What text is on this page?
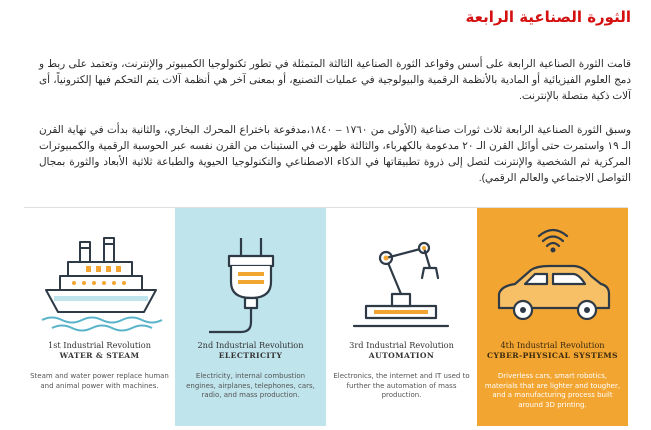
الثورة الصناعية الرابعة
قامت الثورة الصناعية الرابعة على أسس وقواعد الثورة الصناعية الثالثة المتمثلة في تطور تكنولوجيا الكمبيوتر والإنترنت، وتعتمد على ربط و دمج العلوم الفيزيائية أو المادية بالأنظمة الرقمية والبيولوجية في عمليات التصنيع، أو بمعنى آخر هي أنظمة آلات يتم التحكم فيها إلكترونياً، أى آلات ذكية متصلة بالإنترنت.
وسبق الثورة الصناعية الرابعة ثلاث ثورات صناعية (الأولى من ١٧٦٠ – ١٨٤٠،مدفوعة باختراع المحرك البخاري، والثانية بدأت في نهاية القرن الـ ١٩ واستمرت حتى أوائل القرن الـ ٢٠ مدعومة بالكهرباء، والثالثة ظهرت في الستينات من القرن نفسه عبر الحوسبة الرقمية والكمبيوترات المركزية ثم الشخصية والإنترنت لتصل إلى ذروة تطبيقاتها في الذكاء الاصطناعي والتكنولوجيا الحيوية والطباعة ثلاثية الأبعاد والثورة بمجال التواصل الاجتماعي والعالم الرقمي).
1st Industrial Revolution
WATER & STEAM
Steam and water power replace human and animal power with machines.
2nd Industrial Revolution
ELECTRICITY
Electricity, internal combustion engines, airplanes, telephones, cars, radio, and mass production.
3rd Industrial Revolution
AUTOMATION
Electronics, the internet and IT used to further the automation of mass production.
4th Industrial Revolution
CYBER-PHYSICAL SYSTEMS
Driverless cars, smart robotics, materials that are lighter and tougher, and a manufacturing process built around 3D printing.
